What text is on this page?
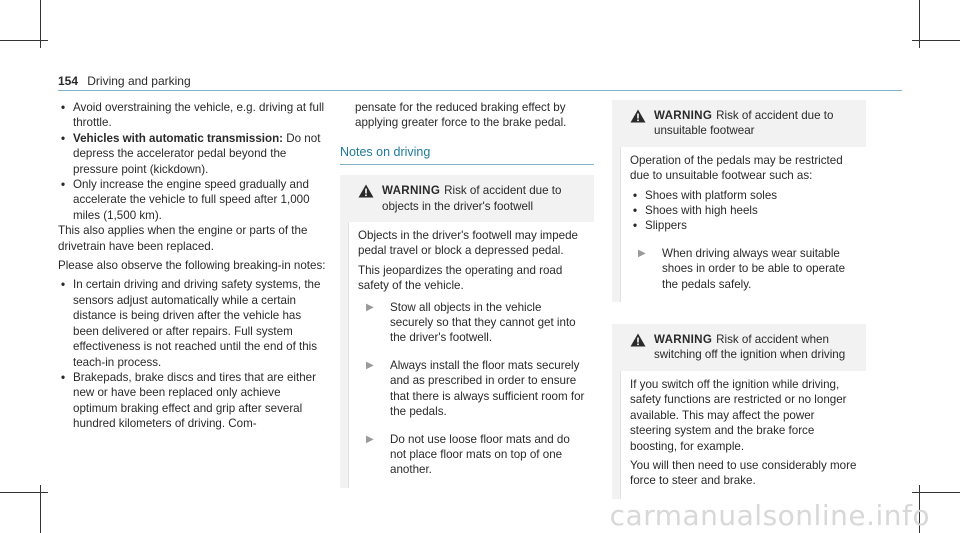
154 Driving and parking
• Avoid overstraining the vehicle, e.g. driving at full throttle.
• Vehicles with automatic transmission: Do not depress the accelerator pedal beyond the pressure point (kickdown).
• Only increase the engine speed gradually and accelerate the vehicle to full speed after 1,000 miles (1,500 km).

This also applies when the engine or parts of the drivetrain have been replaced.

Please also observe the following breaking-in notes:

• In certain driving and driving safety systems, the sensors adjust automatically while a certain distance is being driven after the vehicle has been delivered or after repairs. Full system effectiveness is not reached until the end of this teach-in process.
• Brakepads, brake discs and tires that are either new or have been replaced only achieve optimum braking effect and grip after several hundred kilometers of driving. Com-

pensate for the reduced braking effect by applying greater force to the brake pedal.

Notes on driving
WARNING Risk of accident due to objects in the driver's footwell

Objects in the driver's footwell may impede pedal travel or block a depressed pedal.

This jeopardizes the operating and road safety of the vehicle.

▶	Stow all objects in the vehicle securely so that they cannot get into the driver's footwell.
▶	Always install the floor mats securely and as prescribed in order to ensure that there is always sufficient room for the pedals.
▶	Do not use loose floor mats and do not place floor mats on top of one another.
WARNING Risk of accident due to unsuitable footwear

Operation of the pedals may be restricted due to unsuitable footwear such as:

• Shoes with platform soles
• Shoes with high heels
• Slippers
▶	When driving always wear suitable shoes in order to be able to operate the pedals safely.
WARNING Risk of accident when switching off the ignition when driving

If you switch off the ignition while driving, safety functions are restricted or no longer available. This may affect the power steering system and the brake force boosting, for example.

You will then need to use considerably more force to steer and brake.

carmanualsonline.info
